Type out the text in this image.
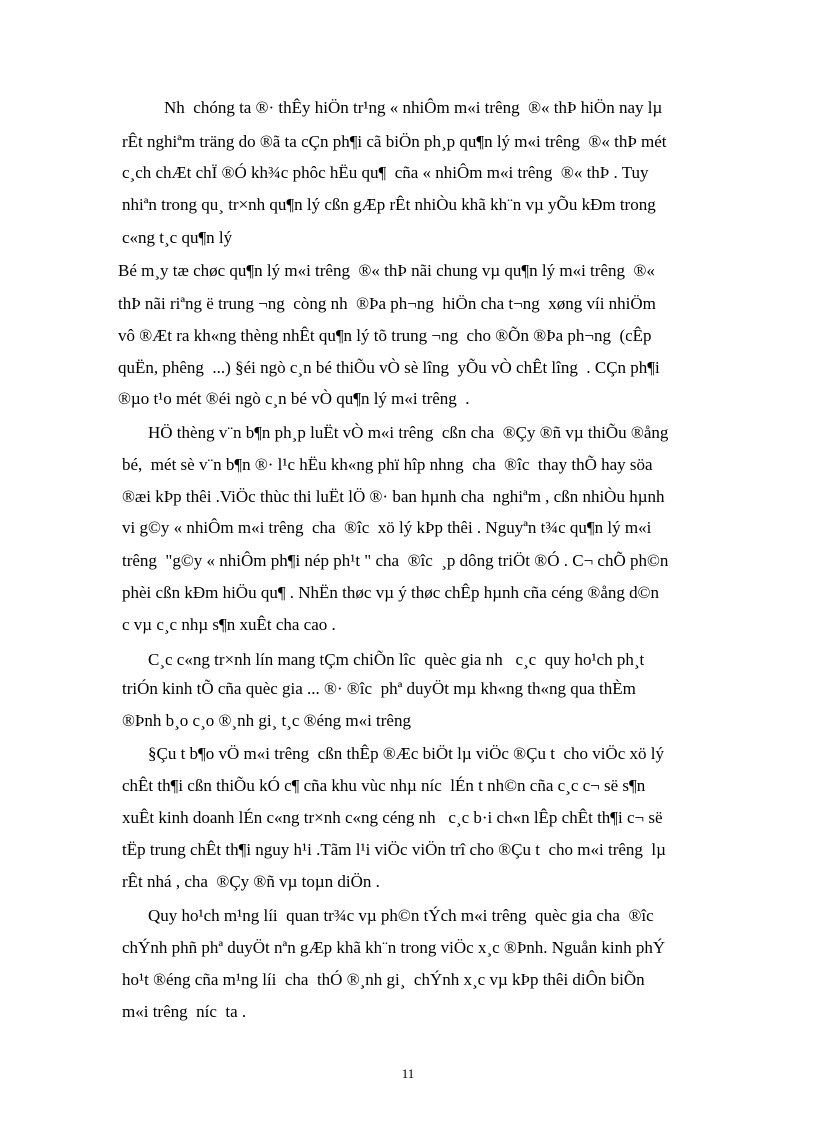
Nh  chóng ta ®· thÊy hiÖn tr¹ng « nhiÔm m«i trêng  ®« thÞ hiÖn nay lµ
rÊt nghiªm träng do ®ã ta cÇn ph¶i cã biÖn ph¸p qu¶n lý m«i trêng  ®« thÞ mét
c¸ch chÆt chÏ ®Ó kh¾c phôc hËu qu¶  cña « nhiÔm m«i trêng  ®« thÞ . Tuy
nhiªn trong qu¸ tr×nh qu¶n lý cßn gÆp rÊt nhiÒu khã kh¨n vµ yÕu kÐm trong
c«ng t¸c qu¶n lý
Bé m¸y tæ chøc qu¶n lý m«i trêng  ®« thÞ nãi chung vµ qu¶n lý m«i trêng  ®«
thÞ nãi riªng ë trung ¬ng  còng nh  ®Þa ph¬ng  hiÖn cha t¬ng  xøng víi nhiÖm
vô ®Æt ra kh«ng thèng nhÊt qu¶n lý tõ trung ¬ng  cho ®Õn ®Þa ph¬ng  (cÊp
quËn, phêng  ...) §éi ngò c¸n bé thiÕu vÒ sè lîng  yÕu vÒ chÊt lîng  . CÇn ph¶i
®µo t¹o mét ®éi ngò c¸n bé vÒ qu¶n lý m«i trêng  .
HÖ thèng v¨n b¶n ph¸p luËt vÒ m«i trêng  cßn cha  ®Çy ®ñ vµ thiÕu ®ång
bé,  mét sè v¨n b¶n ®· l¹c hËu kh«ng phï hîp nhng  cha  ®îc  thay thÕ hay söa
®æi kÞp thêi .ViÖc thùc thi luËt lÖ ®· ban hµnh cha  nghiªm , cßn nhiÒu hµnh
vi g©y « nhiÔm m«i trêng  cha  ®îc  xö lý kÞp thêi . Nguyªn t¾c qu¶n lý m«i
trêng  "g©y « nhiÔm ph¶i nép ph¹t " cha  ®îc  ¸p dông triÖt ®Ó . C¬ chÕ ph©n
phèi cßn kÐm hiÖu qu¶ . NhËn thøc vµ ý thøc chÊp hµnh cña céng ®ång d©n
c vµ c¸c nhµ s¶n xuÊt cha cao .
C¸c c«ng tr×nh lín mang tÇm chiÕn lîc  quèc gia nh   c¸c  quy ho¹ch ph¸t
triÓn kinh tÕ cña quèc gia ... ®· ®îc  phª duyÖt mµ kh«ng th«ng qua thÈm
®Þnh b¸o c¸o ®¸nh gi¸ t¸c ®éng m«i trêng
§Çu t b¶o vÖ m«i trêng  cßn thÊp ®Æc biÖt lµ viÖc ®Çu t  cho viÖc xö lý
chÊt th¶i cßn thiÕu kÓ c¶ cña khu vùc nhµ níc  lÉn t nh©n cña c¸c c¬ së s¶n
xuÊt kinh doanh lÉn c«ng tr×nh c«ng céng nh   c¸c b·i ch«n lÊp chÊt th¶i c¬ së
tËp trung chÊt th¶i nguy h¹i .Tãm l¹i viÖc viÖn trî cho ®Çu t  cho m«i trêng  lµ
rÊt nhá , cha  ®Çy ®ñ vµ toµn diÖn .
Quy ho¹ch m¹ng líi  quan tr¾c vµ ph©n tÝch m«i trêng  quèc gia cha  ®îc
chÝnh phñ phª duyÖt nªn gÆp khã kh¨n trong viÖc x¸c ®Þnh. Nguån kinh phÝ
ho¹t ®éng cña m¹ng líi  cha  thÓ ®¸nh gi¸  chÝnh x¸c vµ kÞp thêi diÔn biÕn
m«i trêng  níc  ta .
11
